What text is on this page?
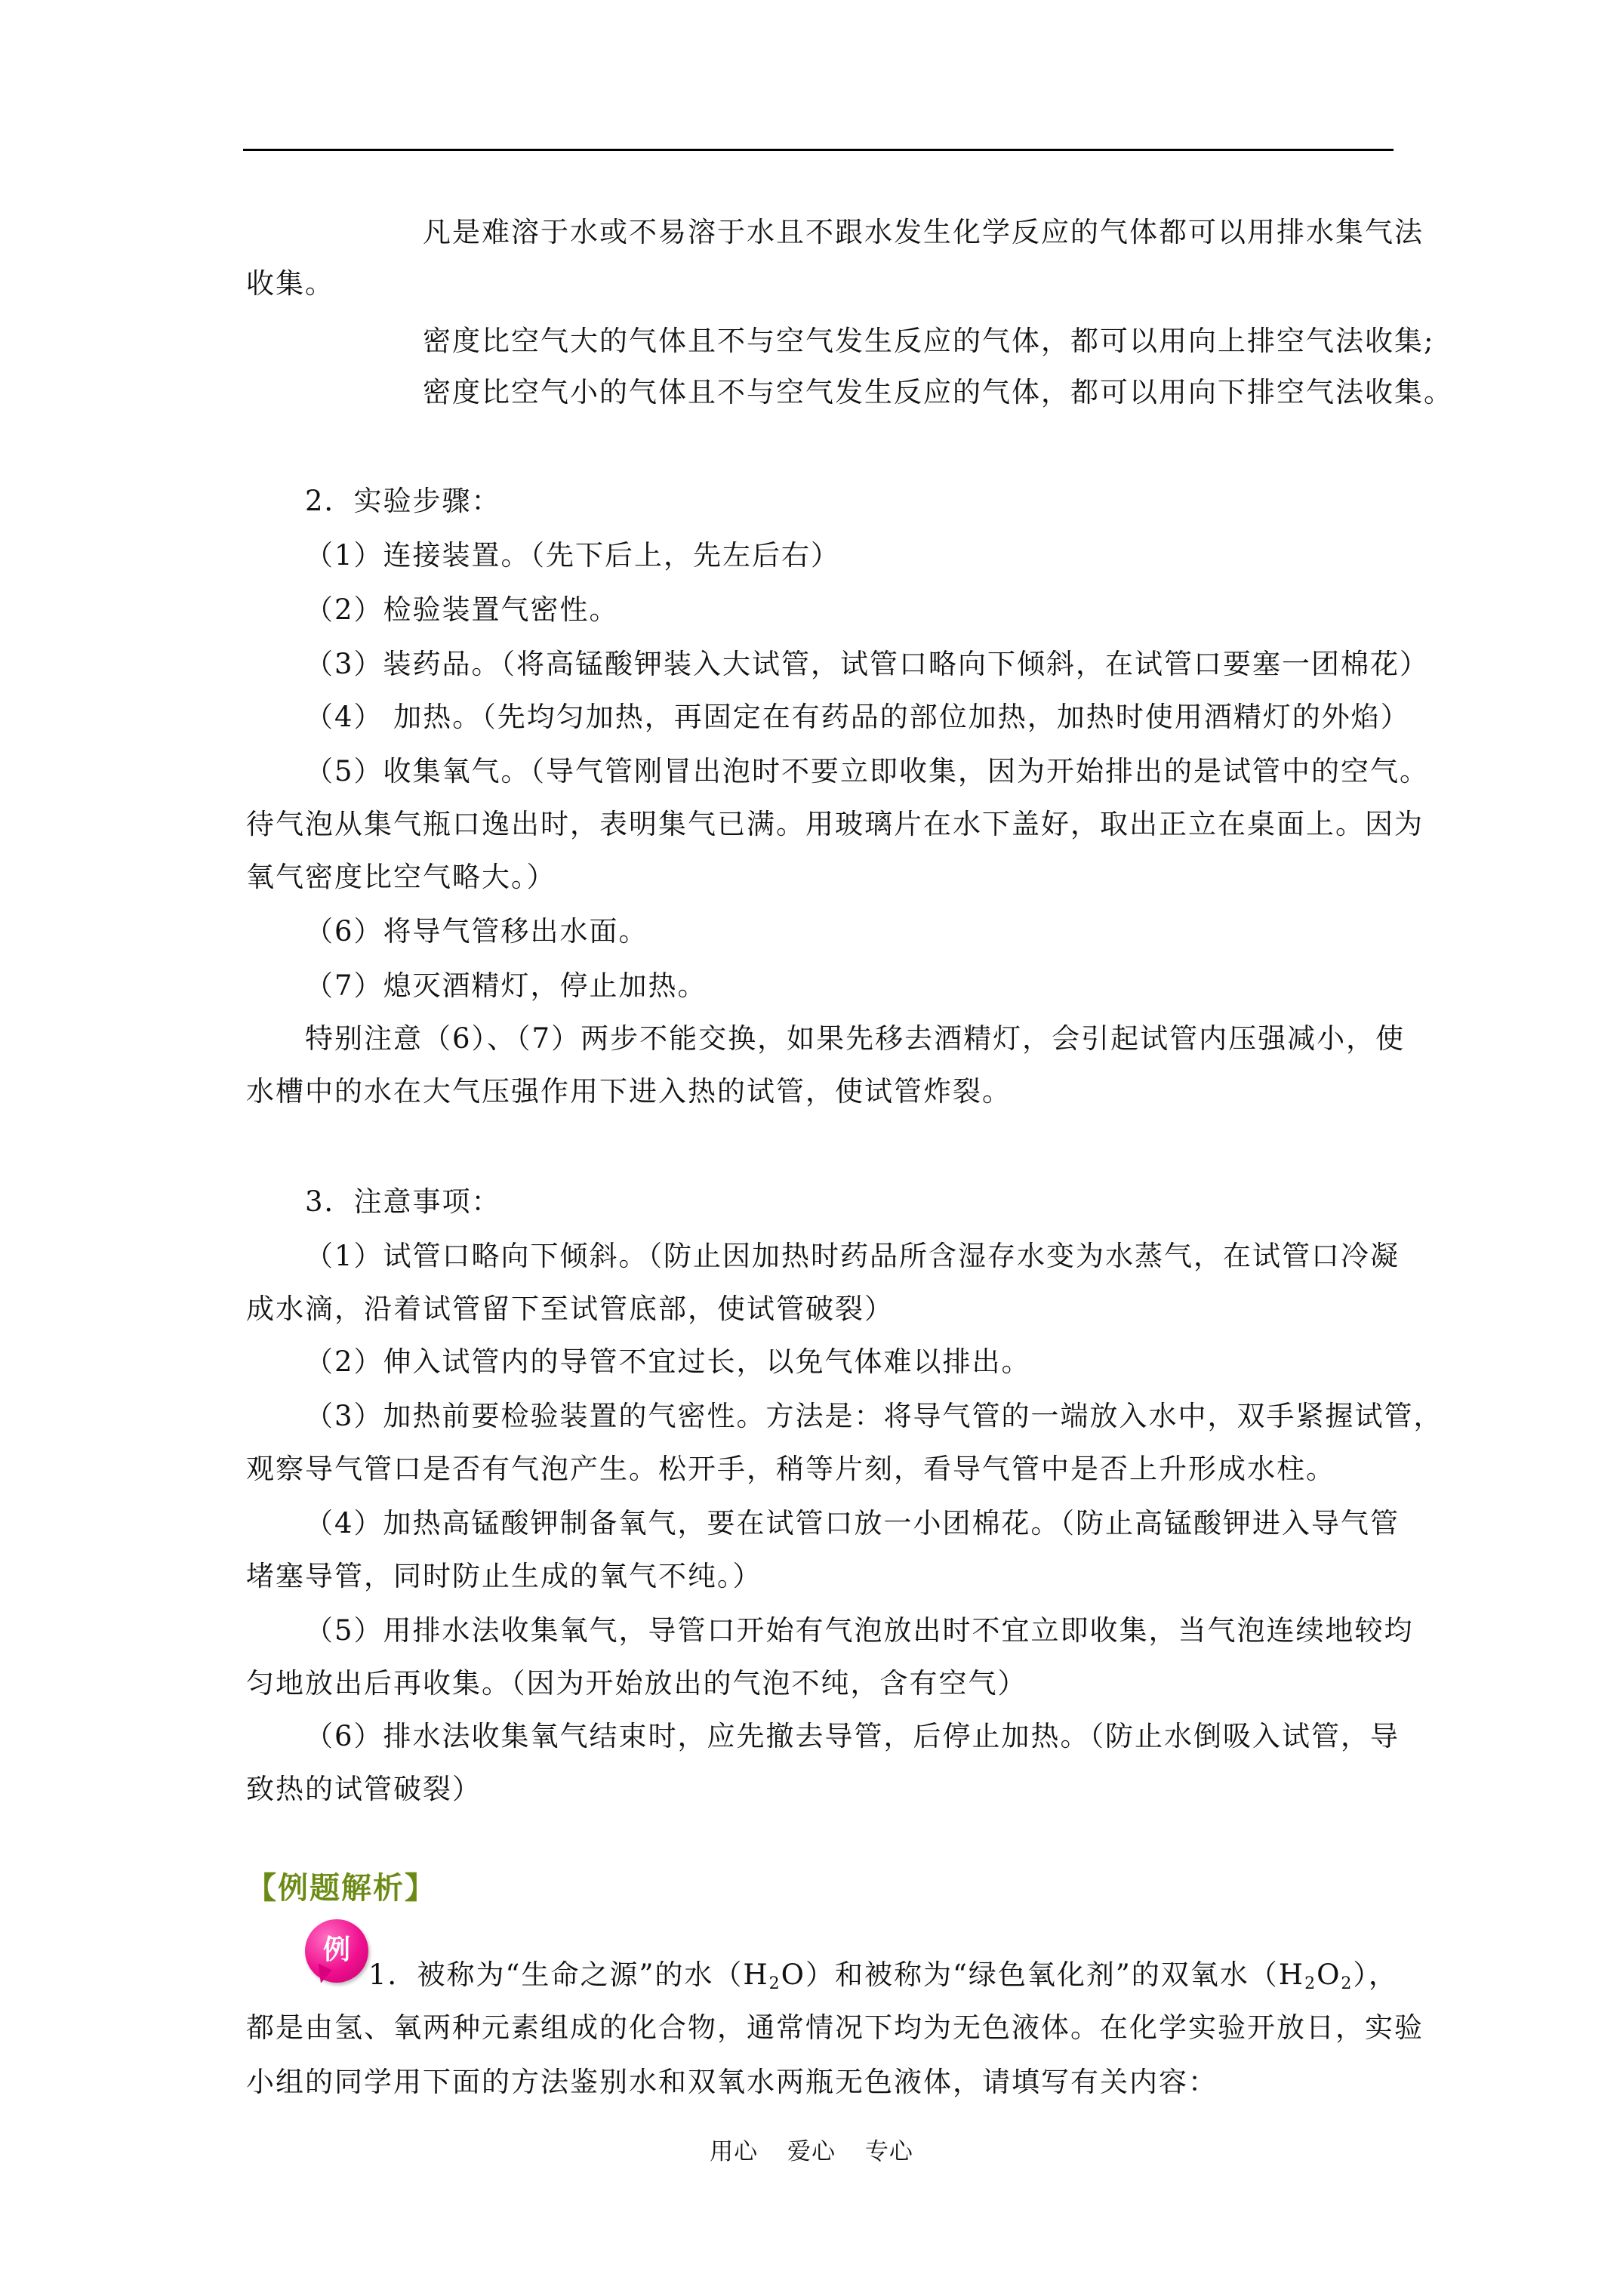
凡是难溶于水或不易溶于水且不跟水发生化学反应的气体都可以用排水集气法
收集。
密度比空气大的气体且不与空气发生反应的气体，都可以用向上排空气法收集;
密度比空气小的气体且不与空气发生反应的气体，都可以用向下排空气法收集。
2．实验步骤：
（1）连接装置。（先下后上，先左后右）
（2）检验装置气密性。
（3）装药品。（将高锰酸钾装入大试管，试管口略向下倾斜，在试管口要塞一团棉花）
（4） 加热。（先均匀加热，再固定在有药品的部位加热，加热时使用酒精灯的外焰）
（5）收集氧气。（导气管刚冒出泡时不要立即收集，因为开始排出的是试管中的空气。
待气泡从集气瓶口逸出时，表明集气已满。用玻璃片在水下盖好，取出正立在桌面上。因为
氧气密度比空气略大。）
（6）将导气管移出水面。
（7）熄灭酒精灯，停止加热。
特别注意（6）、（7）两步不能交换，如果先移去酒精灯，会引起试管内压强减小，使
水槽中的水在大气压强作用下进入热的试管，使试管炸裂。
3．注意事项：
（1）试管口略向下倾斜。（防止因加热时药品所含湿存水变为水蒸气，在试管口冷凝
成水滴，沿着试管留下至试管底部，使试管破裂）
（2）伸入试管内的导管不宜过长，以免气体难以排出。
（3）加热前要检验装置的气密性。方法是：将导气管的一端放入水中，双手紧握试管，
观察导气管口是否有气泡产生。松开手，稍等片刻，看导气管中是否上升形成水柱。
（4）加热高锰酸钾制备氧气，要在试管口放一小团棉花。（防止高锰酸钾进入导气管
堵塞导管，同时防止生成的氧气不纯。）
（5）用排水法收集氧气，导管口开始有气泡放出时不宜立即收集，当气泡连续地较均
匀地放出后再收集。（因为开始放出的气泡不纯，含有空气）
（6）排水法收集氧气结束时，应先撤去导管，后停止加热。（防止水倒吸入试管，导
致热的试管破裂）
【例题解析】
例
1．被称为“生命之源”的水$(H_2O)$和被称为“绿色氧化剂”的双氧水$(H_2O_2)$，
都是由氢、氧两种元素组成的化合物，通常情况下均为无色液体。在化学实验开放日，实验
小组的同学用下面的方法鉴别水和双氧水两瓶无色液体，请填写有关内容：
用心 爱心 专心
